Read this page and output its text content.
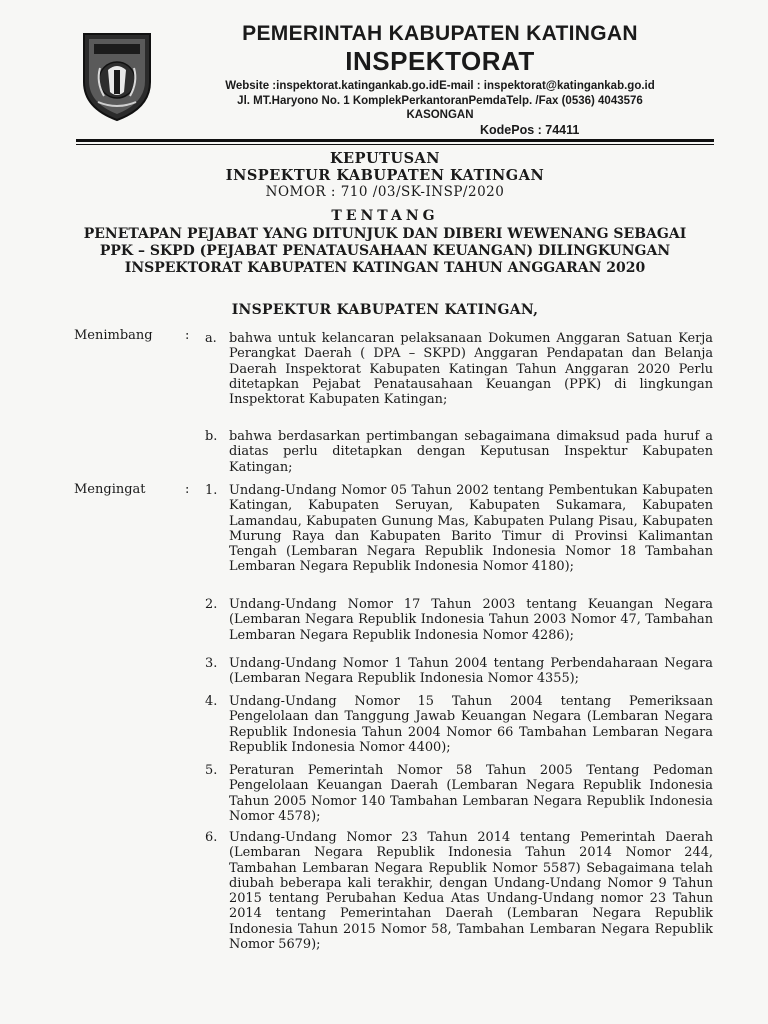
PEMERINTAH KABUPATEN KATINGAN
INSPEKTORAT
Website :inspektorat.katingankab.go.idE-mail : inspektorat@katingankab.go.id
Jl. MT.Haryono No. 1 KomplekPerkantoranPemdaTelp. /Fax (0536) 4043576
KASONGAN
KodePos : 74411
KEPUTUSAN
INSPEKTUR KABUPATEN KATINGAN
NOMOR : 710 /03/SK-INSP/2020
TENTANG
PENETAPAN PEJABAT YANG DITUNJUK DAN DIBERI WEWENANG SEBAGAI
PPK – SKPD (PEJABAT PENATAUSAHAAN KEUANGAN) DILINGKUNGAN
INSPEKTORAT KABUPATEN KATINGAN TAHUN ANGGARAN 2020
INSPEKTUR KABUPATEN KATINGAN,
Menimbang : a. bahwa untuk kelancaran pelaksanaan Dokumen Anggaran Satuan Kerja Perangkat Daerah ( DPA – SKPD) Anggaran Pendapatan dan Belanja Daerah Inspektorat Kabupaten Katingan Tahun Anggaran 2020 Perlu ditetapkan Pejabat Penatausahaan Keuangan (PPK) di lingkungan Inspektorat Kabupaten Katingan;
b. bahwa berdasarkan pertimbangan sebagaimana dimaksud pada huruf a diatas perlu ditetapkan dengan Keputusan Inspektur Kabupaten Katingan;
Mengingat	: 1. Undang-Undang Nomor 05 Tahun 2002 tentang Pembentukan Kabupaten Katingan, Kabupaten Seruyan, Kabupaten Sukamara, Kabupaten Lamandau, Kabupaten Gunung Mas, Kabupaten Pulang Pisau, Kabupaten Murung Raya dan Kabupaten Barito Timur di Provinsi Kalimantan Tengah (Lembaran Negara Republik Indonesia Nomor 18 Tambahan Lembaran Negara Republik Indonesia Nomor 4180);
2. Undang-Undang Nomor 17 Tahun 2003 tentang Keuangan Negara (Lembaran Negara Republik Indonesia Tahun 2003 Nomor 47, Tambahan Lembaran Negara Republik Indonesia Nomor 4286);
3. Undang-Undang Nomor 1 Tahun 2004 tentang Perbendaharaan Negara (Lembaran Negara Republik Indonesia Nomor 4355);
4. Undang-Undang Nomor 15 Tahun 2004 tentang Pemeriksaan Pengelolaan dan Tanggung Jawab Keuangan Negara (Lembaran Negara Republik Indonesia Tahun 2004 Nomor 66 Tambahan Lembaran Negara Republik Indonesia Nomor 4400);
5. Peraturan Pemerintah Nomor 58 Tahun 2005 Tentang Pedoman Pengelolaan Keuangan Daerah (Lembaran Negara Republik Indonesia Tahun 2005 Nomor 140 Tambahan Lembaran Negara Republik Indonesia Nomor 4578);
6. Undang-Undang Nomor 23 Tahun 2014 tentang Pemerintah Daerah (Lembaran Negara Republik Indonesia Tahun 2014 Nomor 244, Tambahan Lembaran Negara Republik Nomor 5587) Sebagaimana telah diubah beberapa kali terakhir, dengan Undang-Undang Nomor 9 Tahun 2015 tentang Perubahan Kedua Atas Undang-Undang nomor 23 Tahun 2014 tentang Pemerintahan Daerah (Lembaran Negara Republik Indonesia Tahun 2015 Nomor 58, Tambahan Lembaran Negara Republik Nomor 5679);
